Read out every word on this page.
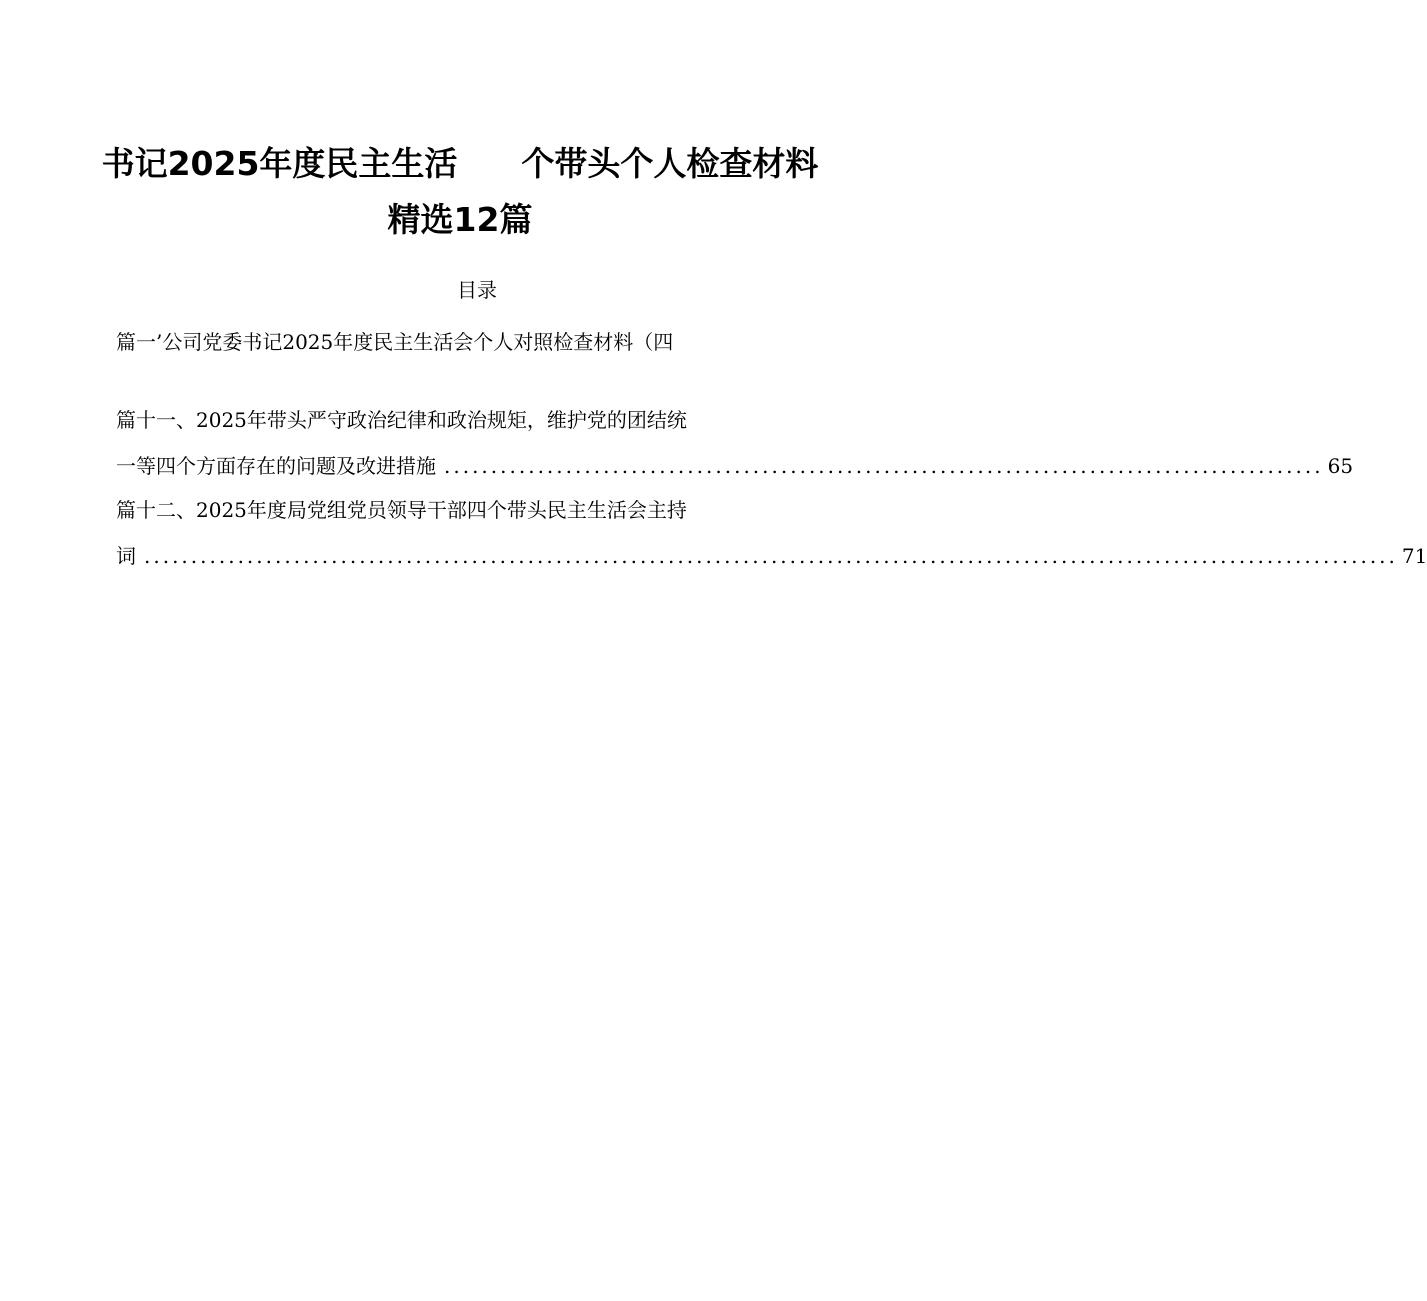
书记2025年度民主生活 个带头个人检查材料
精选12篇
目录
篇一’公司党委书记2025年度民主生活会个人对照检查材料（四
篇十一、2025年带头严守政治纪律和政治规矩，维护党的团结统
一等四个方面存在的问题及改进措施 .............................................................................................. 65
篇十二、2025年度局党组党员领导干部四个带头民主生活会主持
词 ...................................................................................................................................... 71
